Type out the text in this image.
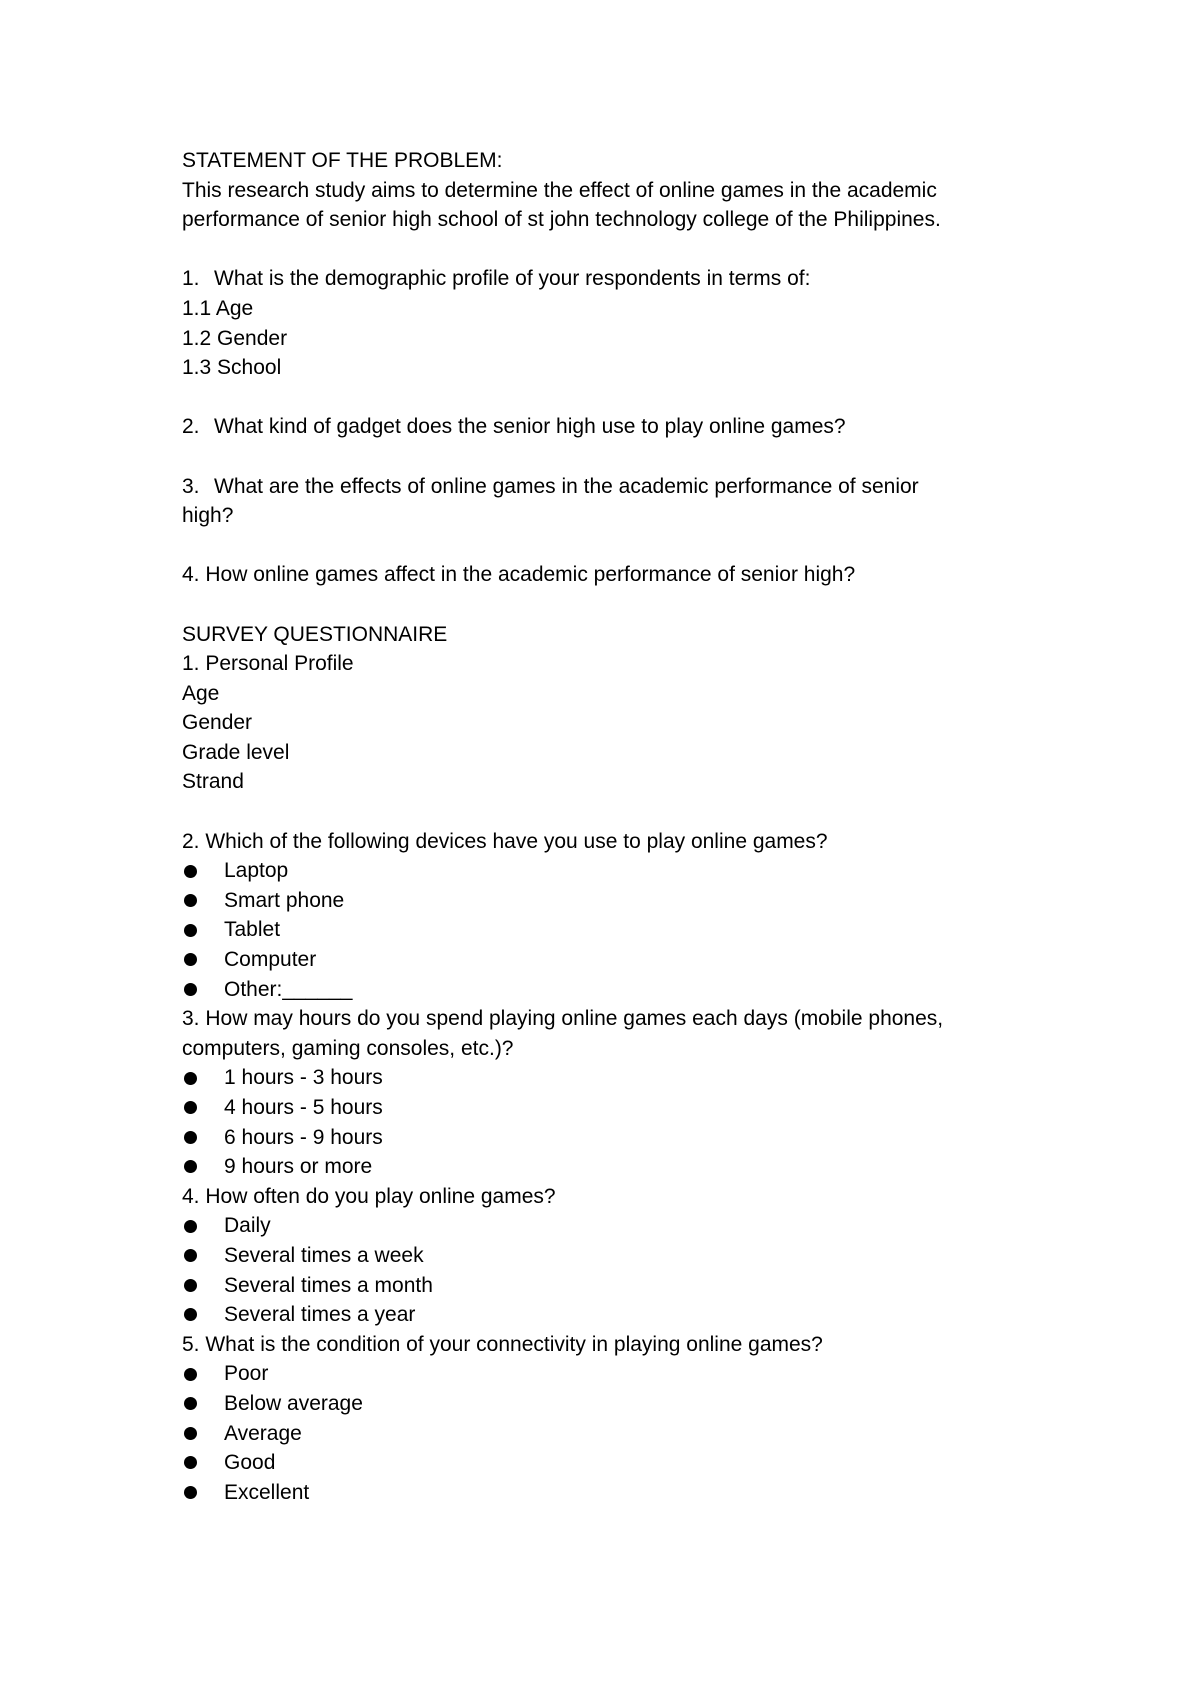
STATEMENT OF THE PROBLEM:

This research study aims to determine the effect of online games in the academic

performance of senior high school of st john technology college of the Philippines.

1. What is the demographic profile of your respondents in terms of:

1.1 Age

1.2 Gender

1.3 School

2. What kind of gadget does the senior high use to play online games?

3. What are the effects of online games in the academic performance of senior

high?

4. How online games affect in the academic performance of senior high?

SURVEY QUESTIONNAIRE

1. Personal Profile

Age

Gender

Grade level

Strand

2. Which of the following devices have you use to play online games?

Laptop
Smart phone
Tablet
Computer
Other:______

3. How may hours do you spend playing online games each days (mobile phones,

computers, gaming consoles, etc.)?

1 hours - 3 hours
4 hours - 5 hours
6 hours - 9 hours
9 hours or more

4. How often do you play online games?

Daily
Several times a week
Several times a month
Several times a year

5. What is the condition of your connectivity in playing online games?

Poor
Below average
Average
Good
Excellent
